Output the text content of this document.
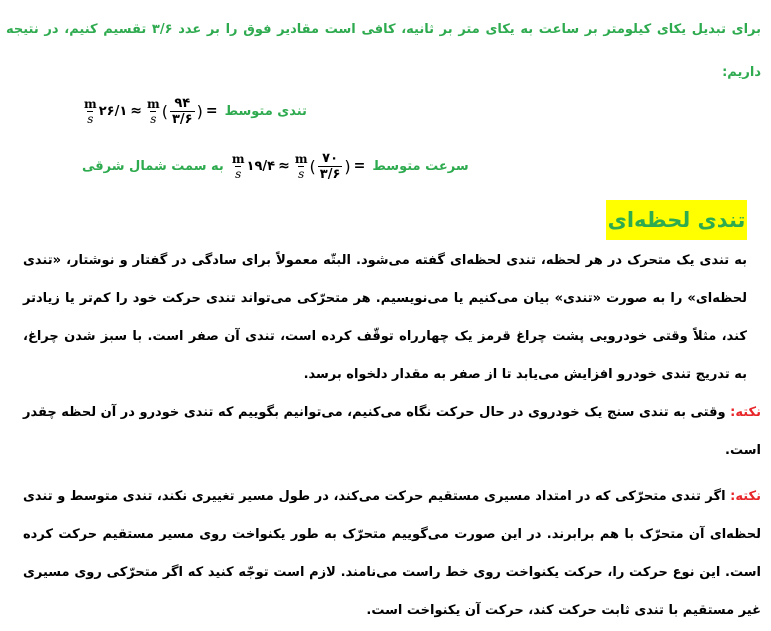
برای تبدیل یکای کیلومتر بر ساعت به یکای متر بر ثانیه، کافی است مقادیر فوق را بر عدد ۳/۶ تقسیم کنیم، در نتیجه داریم:
$\frac{m}{s}$ ۲۶/۱ ≈ $\frac{m}{s}$ ( $\frac{۹۴}{۳/۶}$ ) = تندی متوسط
به سمت شمال شرقی $\frac{m}{s}$ ۱۹/۴ ≈ $\frac{m}{s}$ ( $\frac{۷۰}{۳/۶}$ ) = سرعت متوسط
تندی لحظه‌ای
به تندی یک متحرک در هر لحظه، تندی لحظه‌ای گفته می‌شود. البتّه معمولاً برای سادگی در گفتار و نوشتار، «تندی لحظه‌ای» را به صورت «تندی» بیان می‌کنیم یا می‌نویسیم. هر متحرّکی می‌تواند تندی حرکت خود را کم‌تر یا زیادتر کند، مثلاً وقتی خودرویی پشت چراغ قرمز یک چهارراه توقّف کرده است، تندی آن صفر است. با سبز شدن چراغ، به تدریج تندی خودرو افزایش می‌یابد تا از صفر به مقدار دلخواه برسد.
نکته: وقتی به تندی سنج یک خودروی در حال حرکت نگاه می‌کنیم، می‌توانیم بگوییم که تندی خودرو در آن لحظه چقدر است.
نکته: اگر تندی متحرّکی که در امتداد مسیری مستقیم حرکت می‌کند، در طول مسیر تغییری نکند، تندی متوسط و تندی لحظه‌ای آن متحرّک با هم برابرند. در این صورت می‌گوییم متحرّک به طور یکنواخت روی مسیر مستقیم حرکت کرده است. این نوع حرکت را، حرکت یکنواخت روی خط راست می‌نامند. لازم است توجّه کنید که اگر متحرّکی روی مسیری غیر مستقیم با تندی ثابت حرکت کند، حرکت آن یکنواخت است.
